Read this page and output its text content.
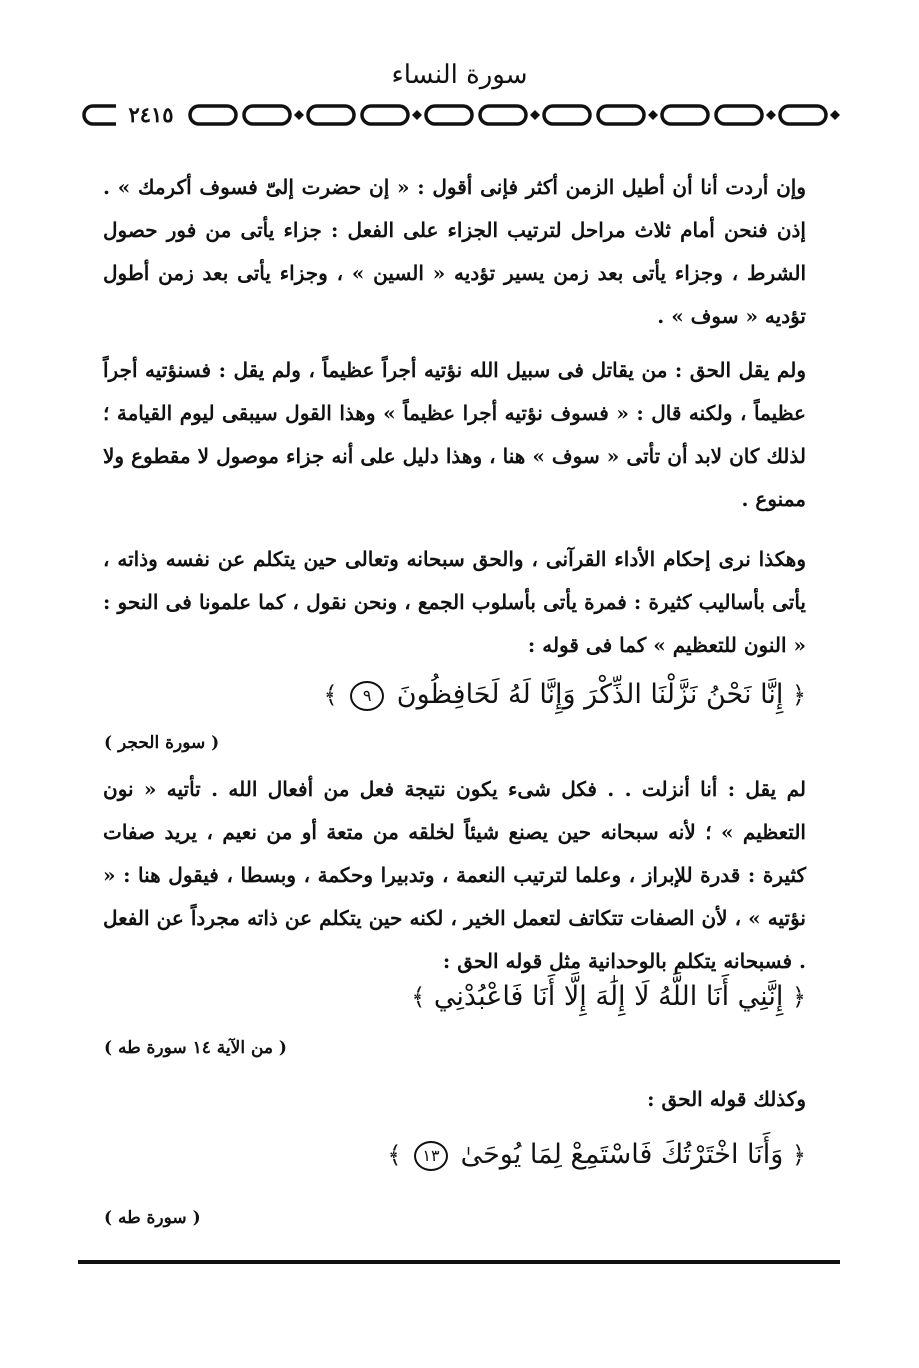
سورة النساء
٢٤١٥

وإن أردت أنا أن أطيل الزمن أكثر فإنى أقول : « إن حضرت إلىّ فسوف أكرمك » . إذن فنحن أمام ثلاث مراحل لترتيب الجزاء على الفعل : جزاء يأتى من فور حصول الشرط ، وجزاء يأتى بعد زمن يسير تؤديه « السين » ، وجزاء يأتى بعد زمن أطول تؤديه « سوف » .

ولم يقل الحق : من يقاتل فى سبيل الله نؤتيه أجراً عظيماً ، ولم يقل : فسنؤتيه أجراً عظيماً ، ولكنه قال : « فسوف نؤتيه أجرا عظيماً » وهذا القول سيبقى ليوم القيامة ؛ لذلك كان لابد أن تأتى « سوف » هنا ، وهذا دليل على أنه جزاء موصول لا مقطوع ولا ممنوع .

وهكذا نرى إحكام الأداء القرآنى ، والحق سبحانه وتعالى حين يتكلم عن نفسه وذاته ، يأتى بأساليب كثيرة : فمرة يأتى بأسلوب الجمع ، ونحن نقول ، كما علمونا فى النحو : « النون للتعظيم » كما فى قوله :

﴿ إِنَّا نَحْنُ نَزَّلْنَا الذِّكْرَ وَإِنَّا لَهُ لَحَافِظُونَ ٩ ﴾
( سورة الحجر )

لم يقل : أنا أنزلت . . فكل شىء يكون نتيجة فعل من أفعال الله . تأتيه « نون التعظيم » ؛ لأنه سبحانه حين يصنع شيئاً لخلقه من متعة أو من نعيم ، يريد صفات كثيرة : قدرة للإبراز ، وعلما لترتيب النعمة ، وتدبيرا وحكمة ، وبسطا ، فيقول هنا : « نؤتيه » ، لأن الصفات تتكاتف لتعمل الخير ، لكنه حين يتكلم عن ذاته مجرداً عن الفعل . فسبحانه يتكلم بالوحدانية مثل قوله الحق :

﴿ إِنَّنِي أَنَا اللَّهُ لَا إِلَٰهَ إِلَّا أَنَا فَاعْبُدْنِي ﴾
( من الآية ١٤ سورة طه )

وكذلك قوله الحق :

﴿ وَأَنَا اخْتَرْتُكَ فَاسْتَمِعْ لِمَا يُوحَىٰ ١٣ ﴾
( سورة طه )
